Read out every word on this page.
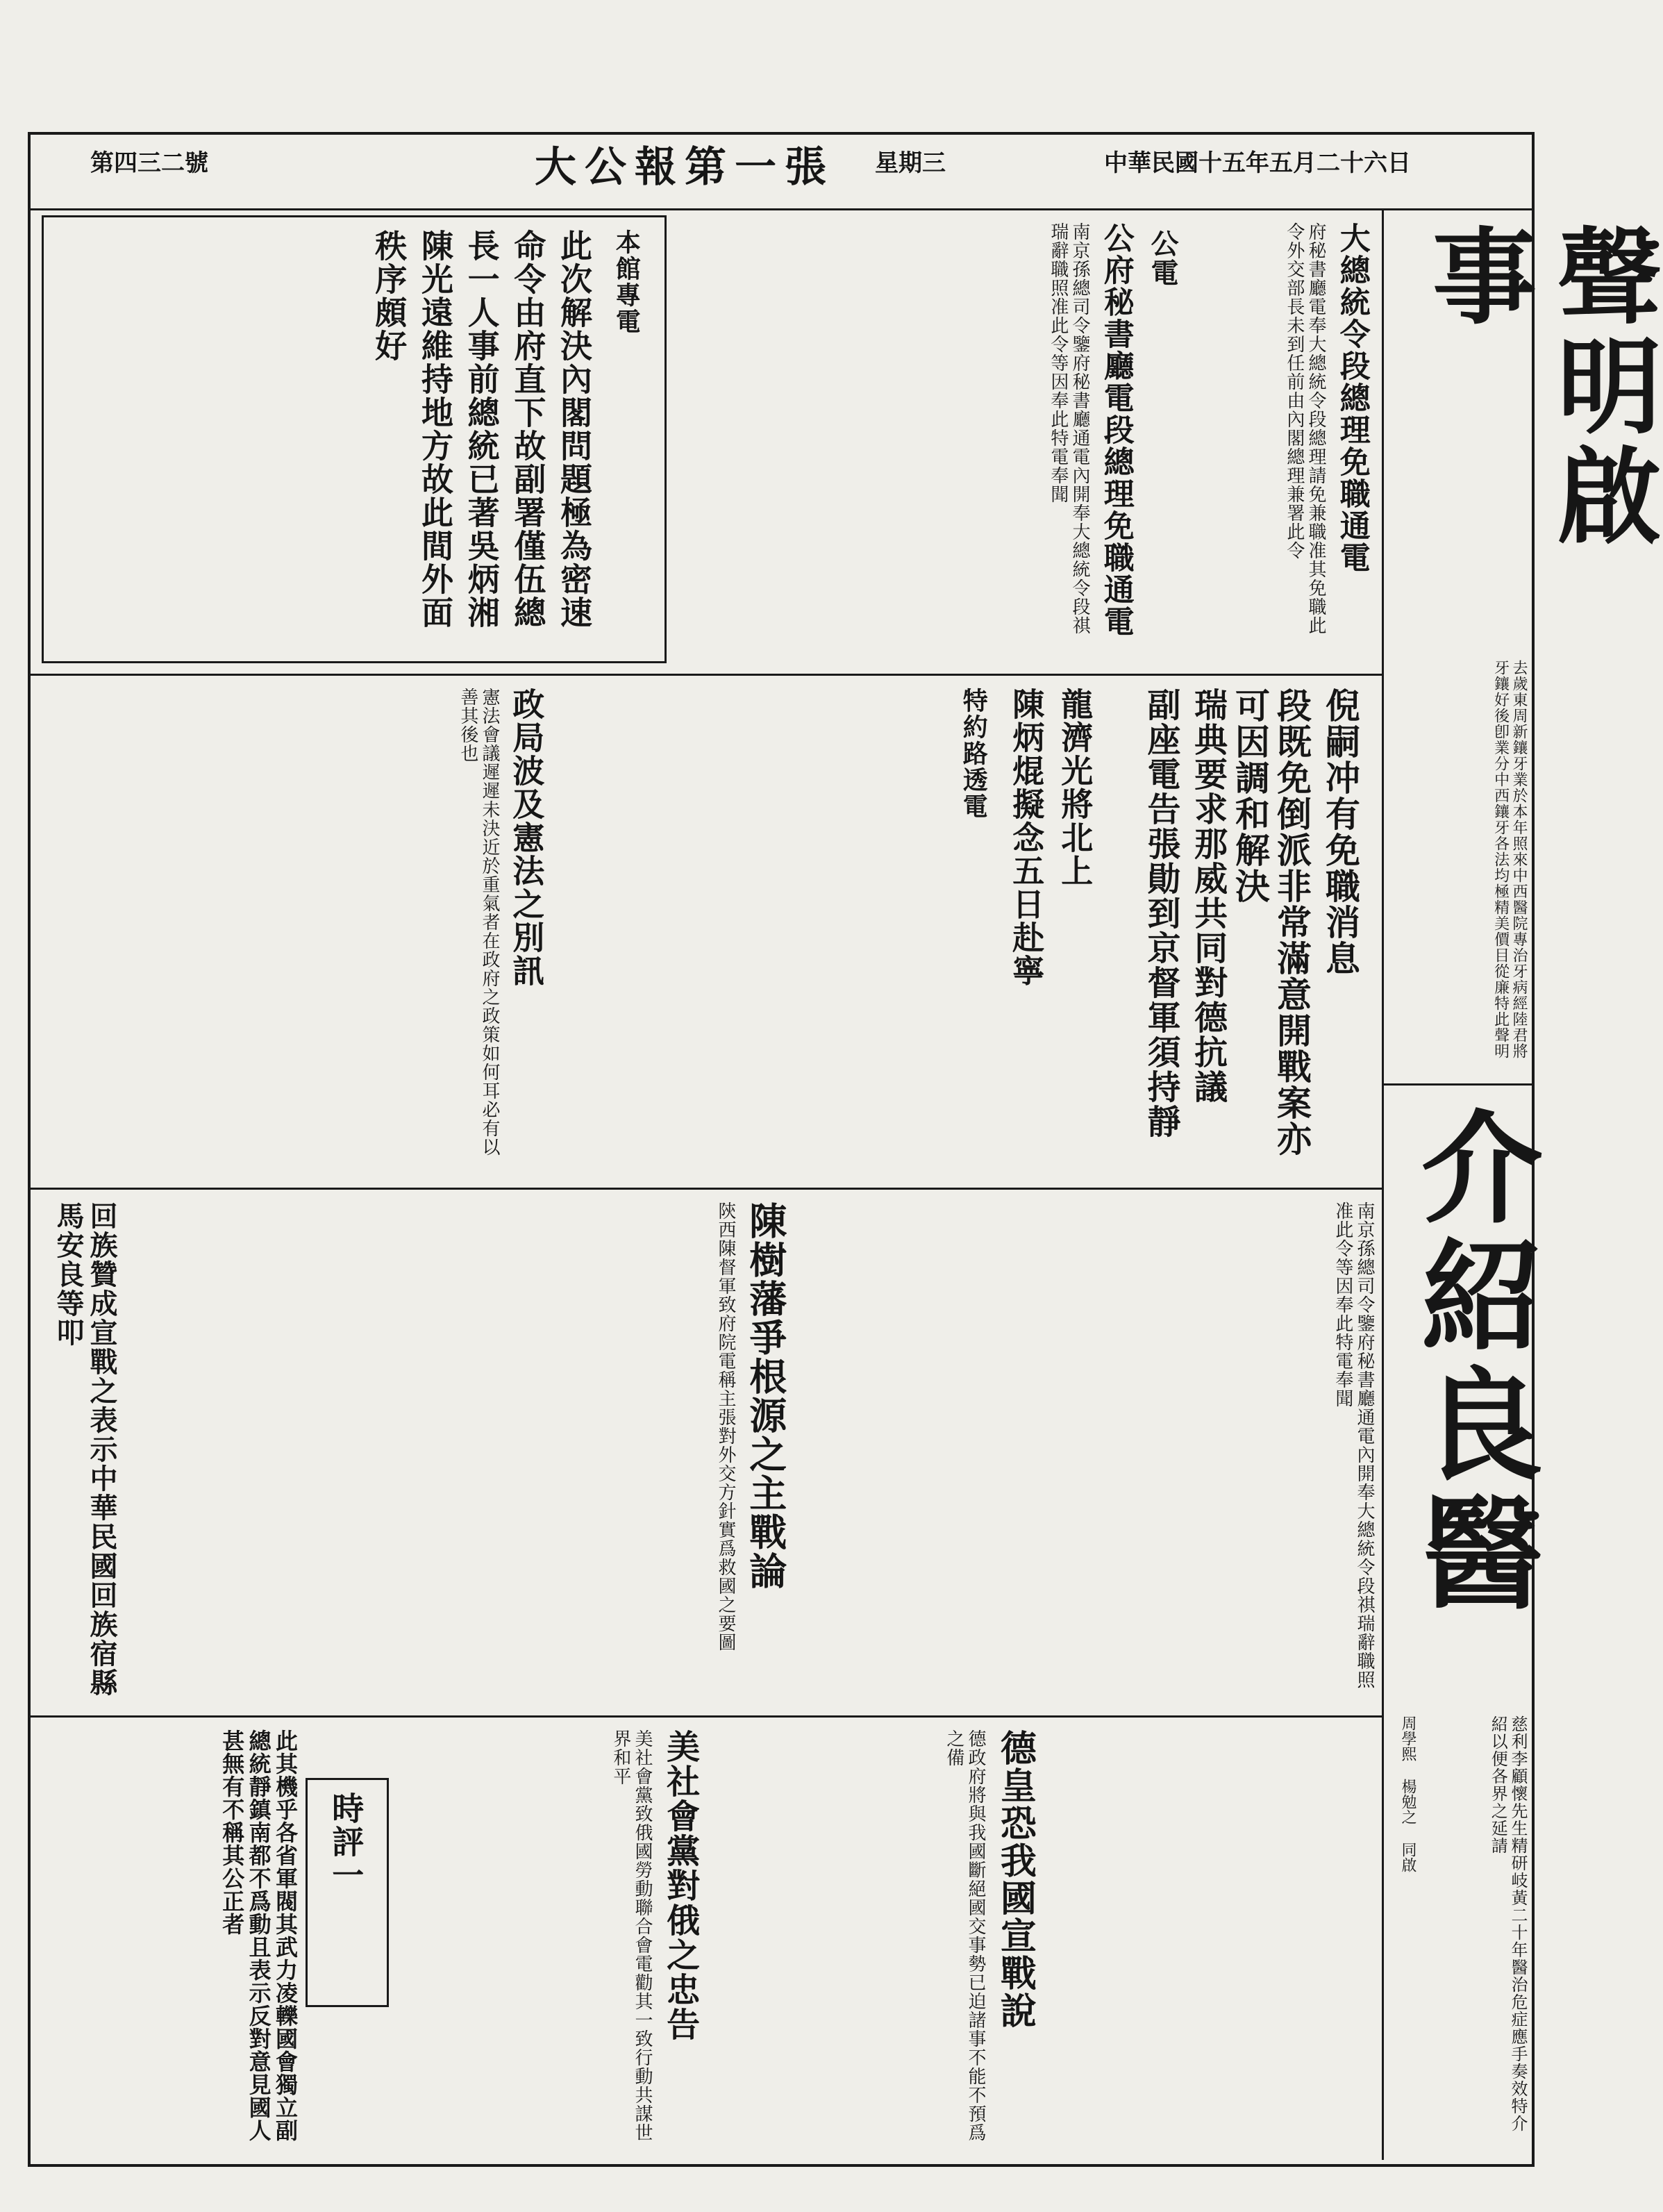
中華民國十五年五月二十六日
星期三
大公報第一張
第四三二號
聲明啟事
去歲東周新鑲牙業於本年照來中西醫院專治牙病經陸君將牙鑲好後卽業分中西鑲牙各法均極精美價目從廉特此聲明
介紹良醫
慈利李顧懷先生精研岐黃二十年醫治危症應手奏效特介紹以便各界之延請
周學熙 楊勉之 同啟
大總統令段總理免職通電
府秘書廳電奉大總統令段總理請免兼職准其免職此令外交部長未到任前由內閣總理兼署此令
公電
公府秘書廳電段總理免職通電
南京孫總司令鑒府秘書廳通電內開奉大總統令段祺瑞辭職照准此令等因奉此特電奉聞
本館專電
此次解決內閣問題極為密速命令由府直下故副署僅伍總長一人事前總統已著吳炳湘陳光遠維持地方故此間外面秩序頗好
倪嗣冲有免職消息
段既免倒派非常滿意開戰案亦可因調和解決
瑞典要求那威共同對德抗議
副座電告張勛到京督軍須持靜
龍濟光將北上
陳炳焜擬念五日赴寧
特約路透電
政局波及憲法之別訊
憲法會議遲遲未決近於重氣者在政府之政策如何耳必有以善其後也
陳樹藩爭根源之主戰論
陝西陳督軍致府院電稱主張對外交方針實爲救國之要圖
回族贊成宣戰之表示中華民國回族宿縣馬安良等叩	南京孫總司令鑒府秘書廳通電內開奉大總統令段祺瑞辭職照准此令等因奉此特電奉聞
德皇恐我國宣戰說
德政府將與我國斷絕國交事勢已迫諸事不能不預爲之備
美社會黨對俄之忠告
美社會黨致俄國勞動聯合會電勸其一致行動共謀世界和平
時評一
此其機乎各省軍閥其武力凌轢國會獨立副總統靜鎮南都不爲動且表示反對意見國人甚無有不稱其公正者
